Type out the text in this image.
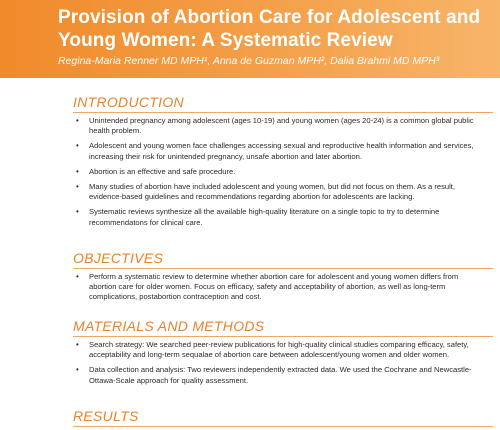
Provision of Abortion Care for Adolescent and Young Women: A Systematic Review
Regina-Maria Renner MD MPH¹, Anna de Guzman MPH², Dalia Brahmi MD MPH³
INTRODUCTION
• Unintended pregnancy among adolescent (ages 10-19) and young women (ages 20-24) is a common global public health problem.
• Adolescent and young women face challenges accessing sexual and reproductive health information and services, increasing their risk for unintended pregnancy, unsafe abortion and later abortion.
• Abortion is an effective and safe procedure.
• Many studies of abortion have included adolescent and young women, but did not focus on them. As a result, evidence-based guidelines and recommendations regarding abortion for adolescents are lacking.
• Systematic reviews synthesize all the available high-quality literature on a single topic to try to determine recommendatons for clinical care.
OBJECTIVES
• Perform a systematic review to determine whether abortion care for adolescent and young women differs from abortion care for older women. Focus on efficacy, safety and acceptability of abortion, as well as long-term complications, postabortion contraception and cost.
MATERIALS AND METHODS
• Search strategy: We searched peer-review publications for high-quality clinical studies comparing efficacy, safety, acceptability and long-term sequalae of abortion care between adolescent/young women and older women.
• Data collection and analysis: Two reviewers independently extracted data. We used the Cochrane and Newcastle-Ottawa-Scale approach for quality assessment.
RESULTS
